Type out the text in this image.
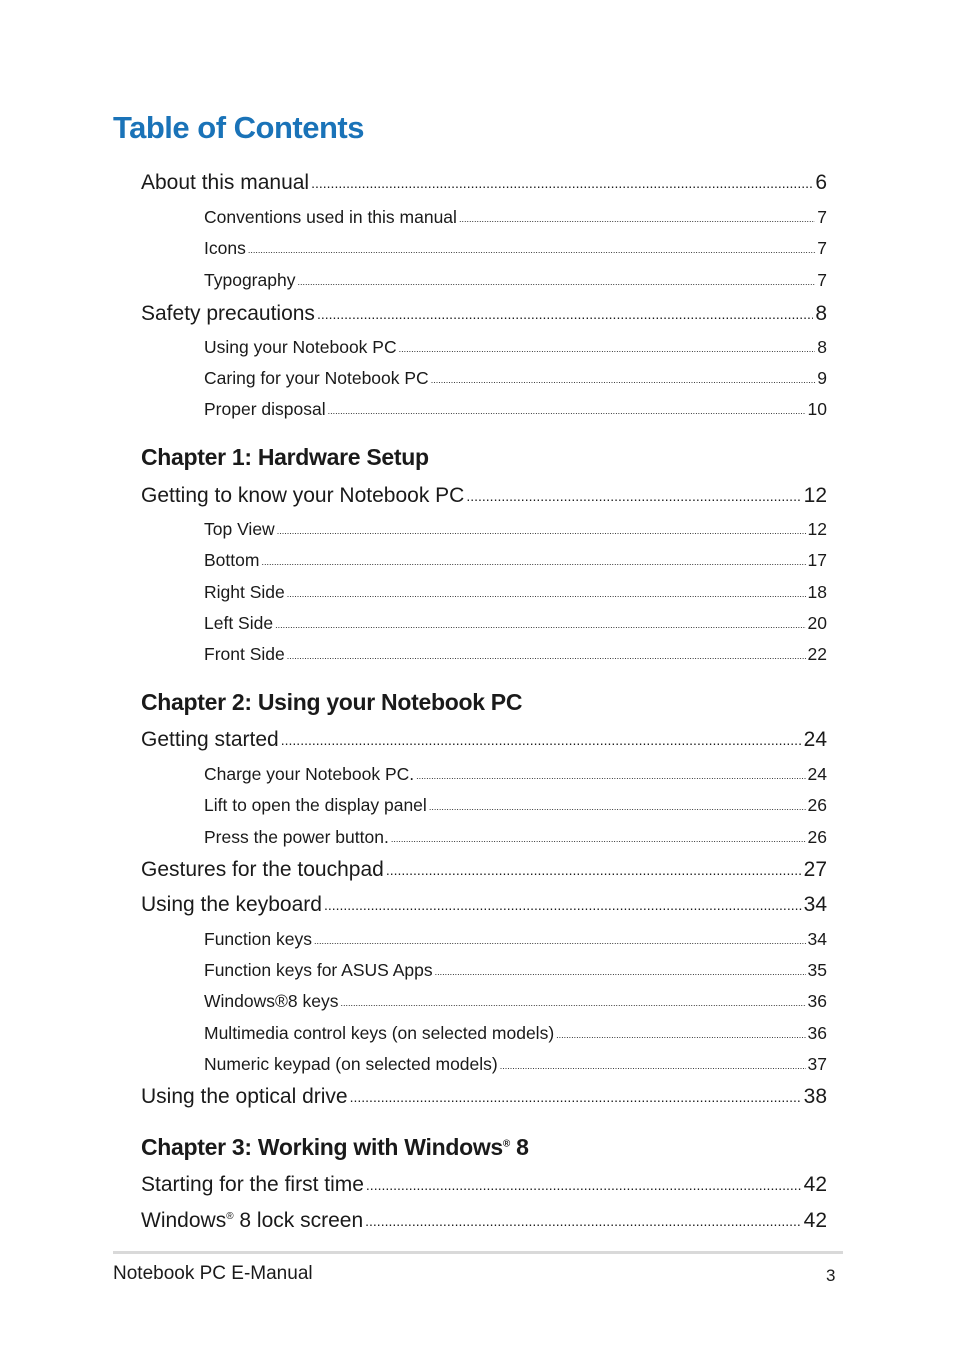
Table of Contents
About this manual .....	6
Conventions used in this manual .....	7
Icons .....	7
Typography .....	7
Safety precautions .....	8
Using your Notebook PC .....	8
Caring for your Notebook PC .....	9
Proper disposal .....	10
Chapter 1: Hardware Setup
Getting to know your Notebook PC .....	12
Top View .....	12
Bottom .....	17
Right Side .....	18
Left Side .....	20
Front Side .....	22
Chapter 2: Using your Notebook PC
Getting started .....	24
Charge your Notebook PC. .....	24
Lift to open the display panel .....	26
Press the power button. .....	26
Gestures for the touchpad .....	27
Using the keyboard .....	34
Function keys .....	34
Function keys for ASUS Apps .....	35
Windows®8 keys .....	36
Multimedia control keys (on selected models) .....	36
Numeric keypad (on selected models) .....	37
Using the optical drive .....	38
Chapter 3: Working with Windows® 8
Starting for the first time .....	42
Windows® 8 lock screen .....	42
Notebook PC E-Manual	3
